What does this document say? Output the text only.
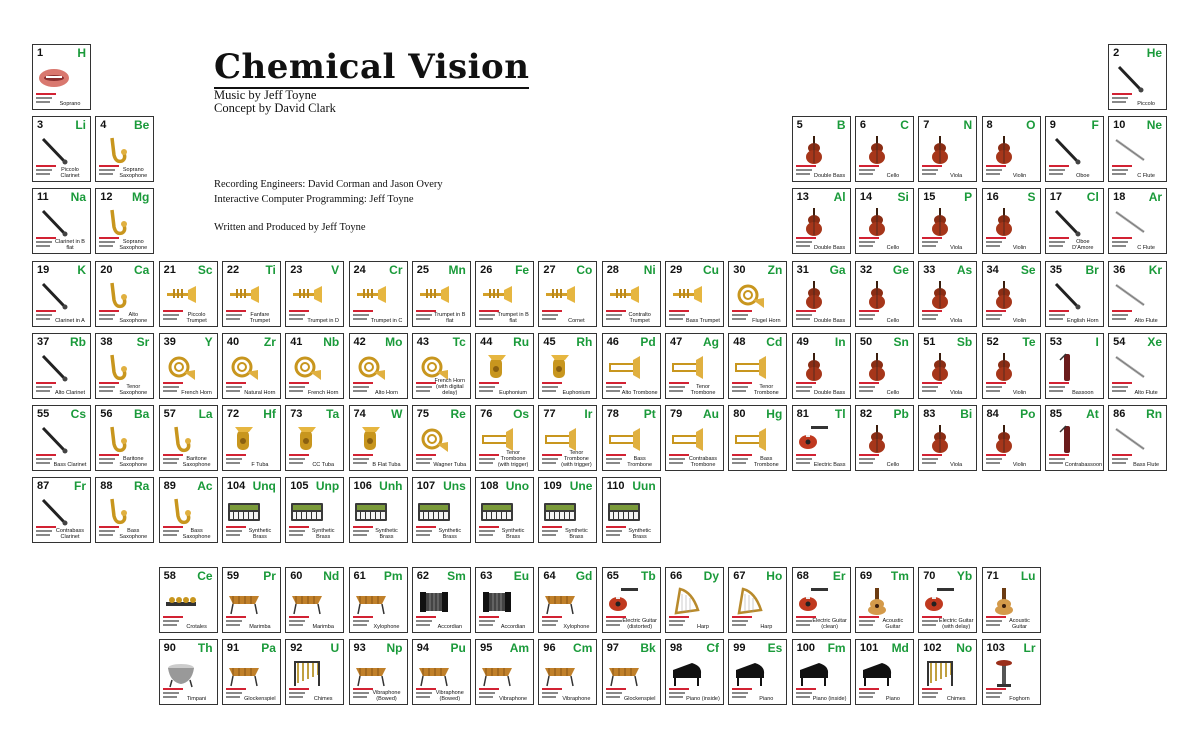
Chemical Vision
Music by Jeff Toyne
Concept by David Clark
Recording Engineers: David Corman and Jason Overy
Interactive Computer Programming: Jeff Toyne
Written and Produced by Jeff Toyne
1	H
Soprano
2 He
Piccolo
3	Li
Piccolo Clarinet
4 Be
Soprano Saxophone
5	B
Double Bass
6	C
Cello
7	N
Viola
8	O
Violin
9	F
Oboe
10 Ne
C Flute
11 Na
Clarinet in B flat
12 Mg
Soprano Saxophone
13 Al
Double Bass
14 Si
Cello
15 P
Viola
16 S
Violin
17 Cl
Oboe D'Amore
18 Ar
C Flute
19 K
Clarinet in A
20 Ca
Alto Saxophone
21 Sc
Piccolo Trumpet
22 Ti
Fanfare Trumpet
23 V
Trumpet in D
24 Cr
Trumpet in C
25 Mn
Trumpet in B flat
26 Fe
Trumpet in B flat
27 Co
Cornet
28 Ni
Contralto Trumpet
29 Cu
Bass Trumpet
30 Zn
Flugel Horn
31 Ga
Double Bass
32 Ge
Cello
33 As
Viola
34 Se
Violin
35 Br
English Horn
36 Kr
Alto Flute
37 Rb
Alto Clarinet
38 Sr
Tenor Saxophone
39 Y
French Horn
40 Zr
Natural Horn
41 Nb
French Horn
42 Mo
Alto Horn
43 Tc
French Horn (with digital delay)
44 Ru
Euphonium
45 Rh
Euphonium
46 Pd
Alto Trombone
47 Ag
Tenor Trombone
48 Cd
Tenor Trombone
49 In
Double Bass
50 Sn
Cello
51 Sb
Viola
52 Te
Violin
53	I
Bassoon
54 Xe
Alto Flute
55 Cs
Bass Clarinet
56 Ba
Baritone Saxophone
57 La
Baritone Saxophone
72 Hf
F Tuba
73 Ta
CC Tuba
74 W
B Flat Tuba
75 Re
Wagner Tuba
76 Os
Tenor Trombone (with trigger)
77 Ir
Tenor Trombone (with trigger)
78 Pt
Bass Trombone
79 Au
Contrabass Trombone
80 Hg
Bass Trombone
81 Tl
Electric Bass
82 Pb
Cello
83 Bi
Viola
84 Po
Violin
85 At
Contrabassoon
86 Rn
Bass Flute
87 Fr
Contrabass Clarinet
88 Ra
Bass Saxophone
89 Ac
Bass Saxophone
104 Unq
Synthetic Brass
105 Unp
Synthetic Brass
106 Unh
Synthetic Brass
107 Uns
Synthetic Brass
108 Uno
Synthetic Brass
109 Une
Synthetic Brass
110 Uun
Synthetic Brass
58 Ce
Crotales
59 Pr
Marimba
60 Nd
Marimba
61 Pm
Xylophone
62 Sm
Accordian
63 Eu
Accordian
64 Gd
Xylophone
65 Tb
Electric Guitar (distorted)
66 Dy
Harp
67 Ho
Harp
68 Er
Electric Guitar (clean)
69 Tm
Acoustic Guitar
70 Yb
Electric Guitar (with delay)
71 Lu
Acoustic Guitar
90 Th
Timpani
91 Pa
Glockenspiel
92 U
Chimes
93 Np
Vibraphone (Bowed)
94 Pu
Vibraphone (Bowed)
95 Am
Vibraphone
96 Cm
Vibraphone
97 Bk
Glockenspiel
98 Cf
Piano (inside)
99 Es
Piano
100 Fm
Piano (inside)
101 Md
Piano
102 No
Chimes
103 Lr
Foghorn
